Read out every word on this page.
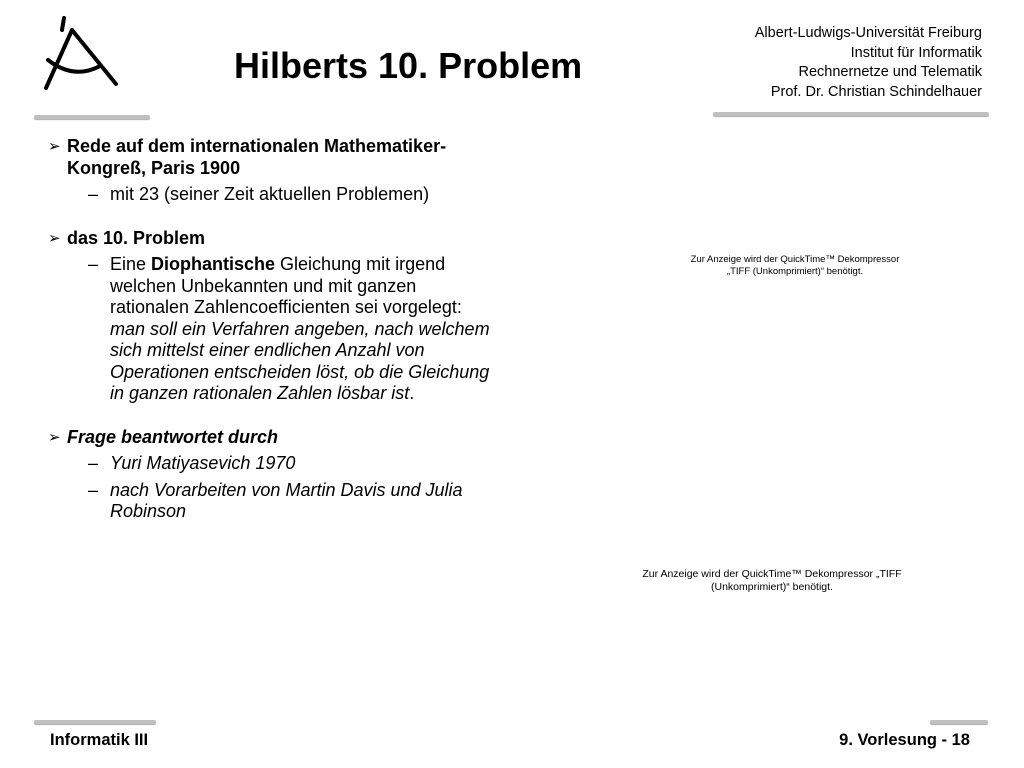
Hilberts 10. Problem
Albert-Ludwigs-Universität Freiburg
Institut für Informatik
Rechnernetze und Telematik
Prof. Dr. Christian Schindelhauer
➢ Rede auf dem internationalen Mathematiker-Kongreß, Paris 1900
– mit 23 (seiner Zeit aktuellen Problemen)
➢ das 10. Problem
– Eine Diophantische Gleichung mit irgend welchen Unbekannten und mit ganzen rationalen Zahlencoefficienten sei vorgelegt: man soll ein Verfahren angeben, nach welchem sich mittelst einer endlichen Anzahl von Operationen entscheiden löst, ob die Gleichung in ganzen rationalen Zahlen lösbar ist.
➢ Frage beantwortet durch
– Yuri Matiyasevich 1970
– nach Vorarbeiten von Martin Davis und Julia Robinson
Zur Anzeige wird der QuickTime™ Dekompressor „TIFF (Unkomprimiert)“ benötigt.
Zur Anzeige wird der QuickTime™ Dekompressor „TIFF (Unkomprimiert)“ benötigt.
Informatik III	9. Vorlesung - 18
